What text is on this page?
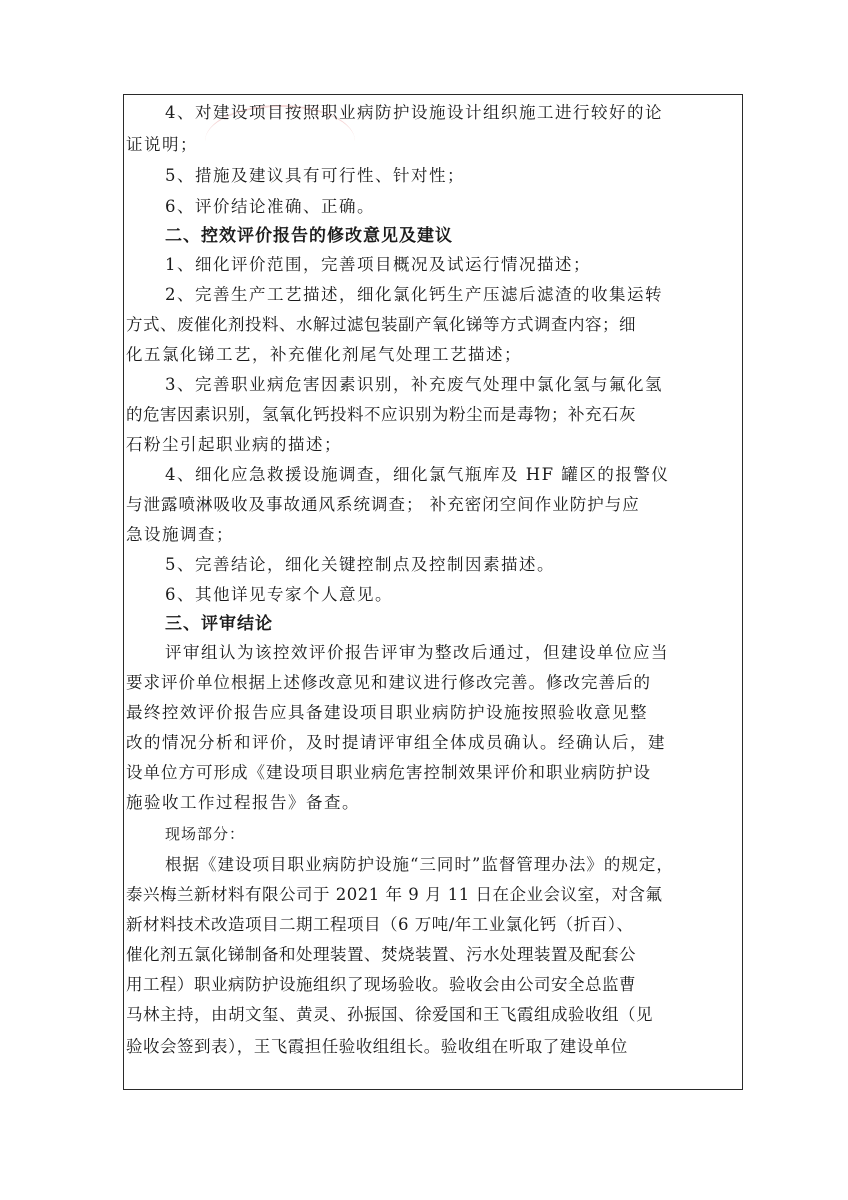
4、对建设项目按照职业病防护设施设计组织施工进行较好的论
证说明；
5、措施及建议具有可行性、针对性；
6、评价结论准确、正确。
二、控效评价报告的修改意见及建议
1、细化评价范围，完善项目概况及试运行情况描述；
2、完善生产工艺描述，细化氯化钙生产压滤后滤渣的收集运转
方式、废催化剂投料、水解过滤包装副产氧化锑等方式调查内容；细
化五氯化锑工艺，补充催化剂尾气处理工艺描述；
3、完善职业病危害因素识别，补充废气处理中氯化氢与氟化氢
的危害因素识别，氢氧化钙投料不应识别为粉尘而是毒物；补充石灰
石粉尘引起职业病的描述；
4、细化应急救援设施调查，细化氯气瓶库及 HF 罐区的报警仪
与泄露喷淋吸收及事故通风系统调查； 补充密闭空间作业防护与应
急设施调查；
5、完善结论，细化关键控制点及控制因素描述。
6、其他详见专家个人意见。
三、评审结论
评审组认为该控效评价报告评审为整改后通过，但建设单位应当
要求评价单位根据上述修改意见和建议进行修改完善。修改完善后的
最终控效评价报告应具备建设项目职业病防护设施按照验收意见整
改的情况分析和评价，及时提请评审组全体成员确认。经确认后，建
设单位方可形成《建设项目职业病危害控制效果评价和职业病防护设
施验收工作过程报告》备查。
现场部分：
根据《建设项目职业病防护设施“三同时”监督管理办法》的规定，
泰兴梅兰新材料有限公司于 2021 年 9 月 11 日在企业会议室，对含氟
新材料技术改造项目二期工程项目（6 万吨/年工业氯化钙（折百）、
催化剂五氯化锑制备和处理装置、焚烧装置、污水处理装置及配套公
用工程）职业病防护设施组织了现场验收。验收会由公司安全总监曹
马林主持，由胡文玺、黄灵、孙振国、徐爱国和王飞霞组成验收组（见
验收会签到表），王飞霞担任验收组组长。验收组在听取了建设单位
